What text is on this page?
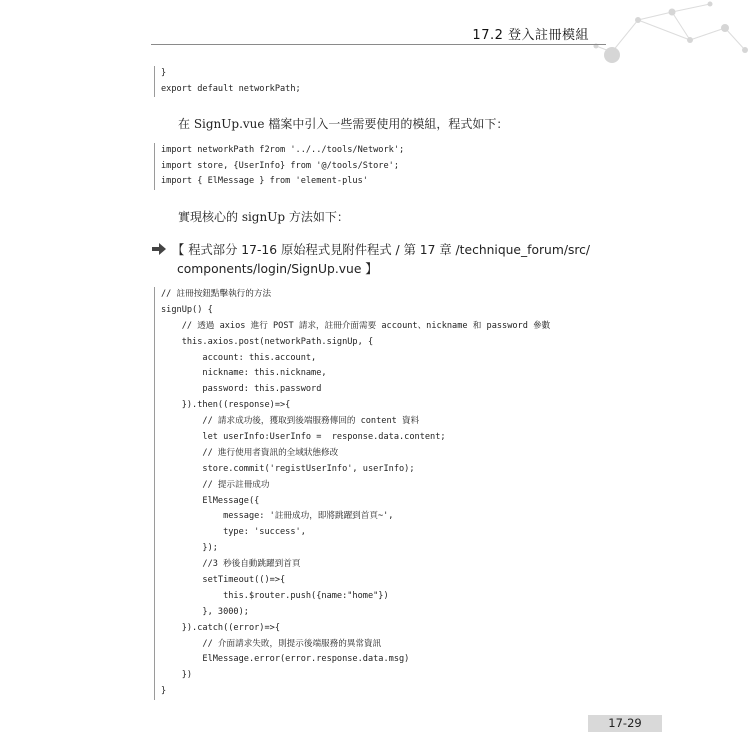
17.2 登入註冊模組
}
export default networkPath;
在 SignUp.vue 檔案中引入一些需要使用的模組，程式如下：
import networkPath f2rom '../../tools/Network';
import store, {UserInfo} from '@/tools/Store';
import { ElMessage } from 'element-plus'
實現核心的 signUp 方法如下：
【 程式部分 17-16 原始程式見附件程式 / 第 17 章 /technique_forum/src/
components/login/SignUp.vue 】
// 註冊按鈕點擊執行的方法
signUp() {
// 透過 axios 進行 POST 請求，註冊介面需要 account、nickname 和 password 參數
this.axios.post(networkPath.signUp, {
account: this.account,
nickname: this.nickname,
password: this.password
}).then((response)=>{
// 請求成功後，獲取到後端服務傳回的 content 資料
let userInfo:UserInfo =  response.data.content;
// 進行使用者資訊的全域狀態修改
store.commit('registUserInfo', userInfo);
// 提示註冊成功
ElMessage({
message: '註冊成功，即將跳躍到首頁~',
type: 'success',
});
//3 秒後自動跳躍到首頁
setTimeout(()=>{
this.$router.push({name:"home"})
}, 3000);
}).catch((error)=>{
// 介面請求失敗，則提示後端服務的異常資訊
ElMessage.error(error.response.data.msg)
})
}
17-29
